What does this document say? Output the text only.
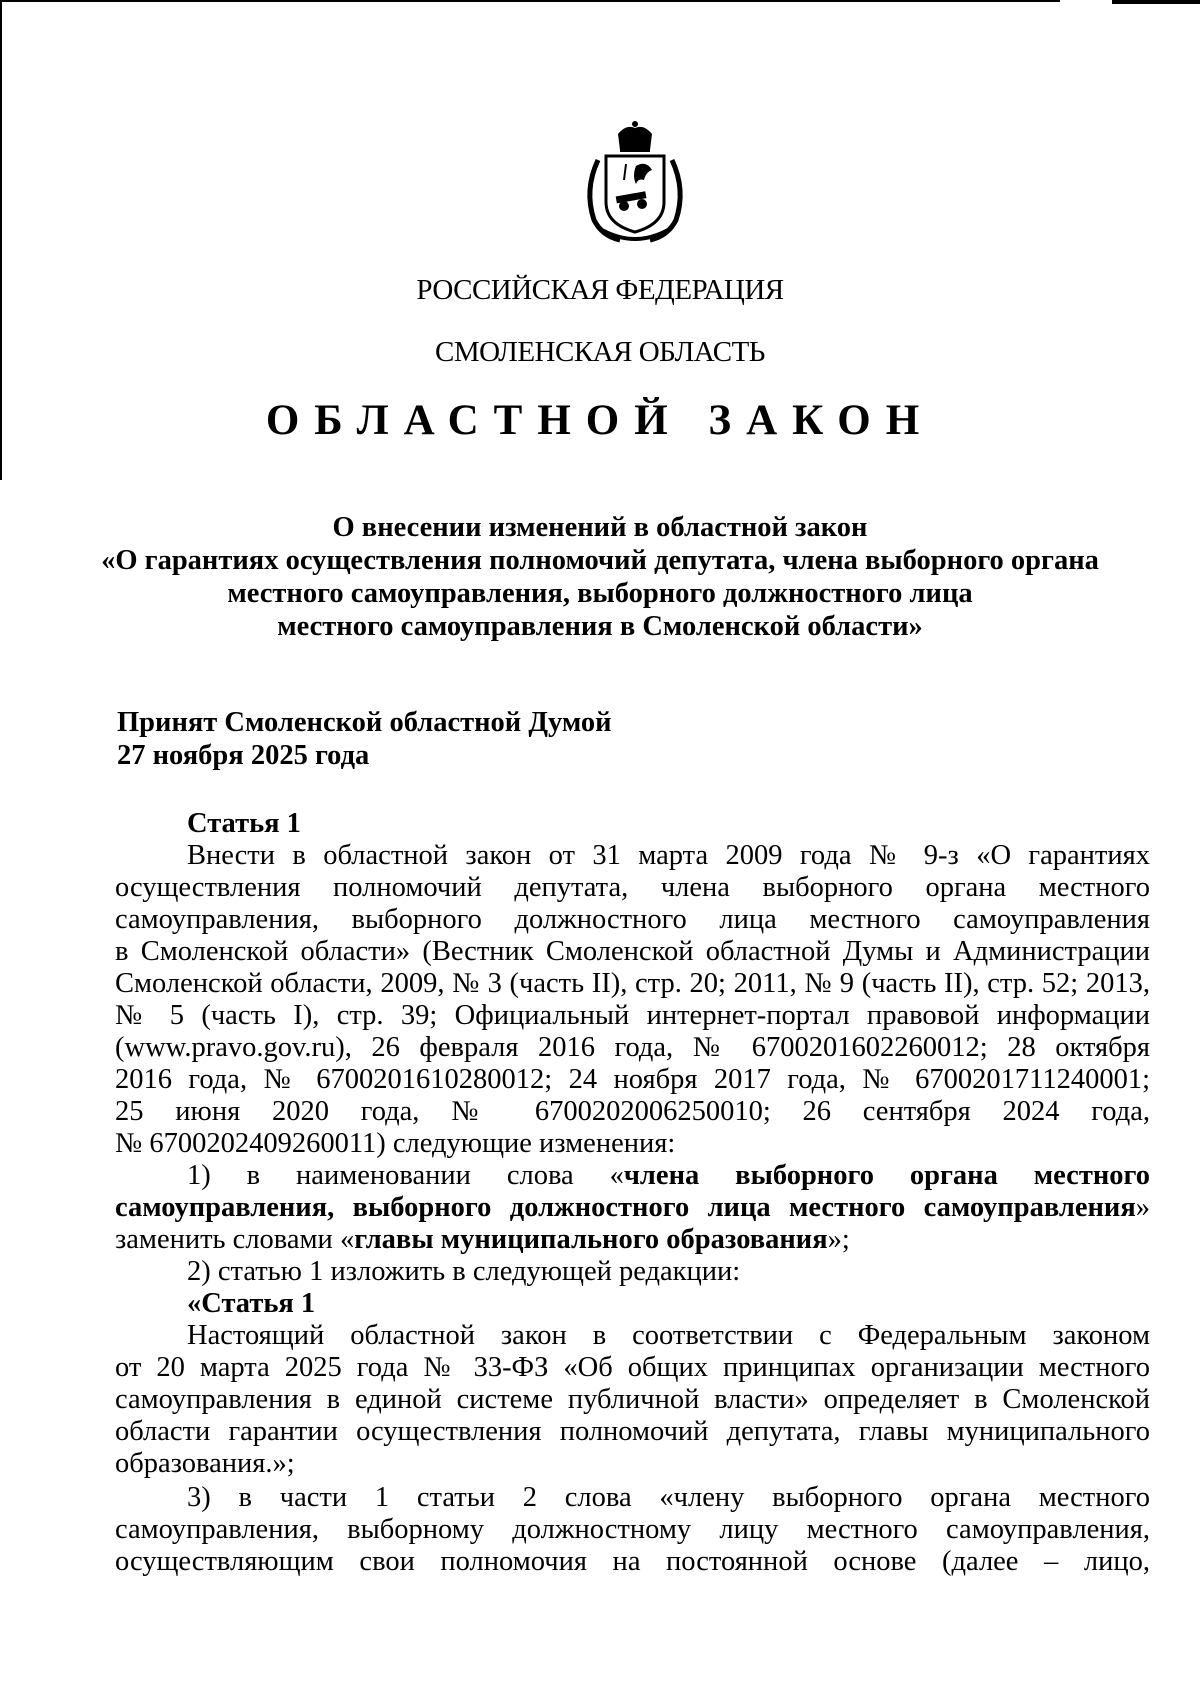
РОССИЙСКАЯ ФЕДЕРАЦИЯ
СМОЛЕНСКАЯ ОБЛАСТЬ
ОБЛАСТНОЙ ЗАКОН
О внесении изменений в областной закон
«О гарантиях осуществления полномочий депутата, члена выборного органа
местного самоуправления, выборного должностного лица
местного самоуправления в Смоленской области»
Принят Смоленской областной Думой
27 ноября 2025 года
Статья 1
Внести в областной закон от 31 марта 2009 года № 9-з «О гарантиях
осуществления полномочий депутата, члена выборного органа местного
самоуправления, выборного должностного лица местного самоуправления
в Смоленской области» (Вестник Смоленской областной Думы и Администрации
Смоленской области, 2009, № 3 (часть II), стр. 20; 2011, № 9 (часть II), стр. 52; 2013,
№ 5 (часть I), стр. 39; Официальный интернет-портал правовой информации
(www.pravo.gov.ru), 26 февраля 2016 года, № 6700201602260012; 28 октября
2016 года, № 6700201610280012; 24 ноября 2017 года, № 6700201711240001;
25 июня 2020 года, № 6700202006250010; 26 сентября 2024 года,
№ 6700202409260011) следующие изменения:
1) в наименовании слова «члена выборного органа местного
самоуправления, выборного должностного лица местного самоуправления»
заменить словами «главы муниципального образования»;
2) статью 1 изложить в следующей редакции:
«Статья 1
Настоящий областной закон в соответствии с Федеральным законом
от 20 марта 2025 года № 33-ФЗ «Об общих принципах организации местного
самоуправления в единой системе публичной власти» определяет в Смоленской
области гарантии осуществления полномочий депутата, главы муниципального
образования.»;
3) в части 1 статьи 2 слова «члену выборного органа местного
самоуправления, выборному должностному лицу местного самоуправления,
осуществляющим свои полномочия на постоянной основе (далее – лицо,
